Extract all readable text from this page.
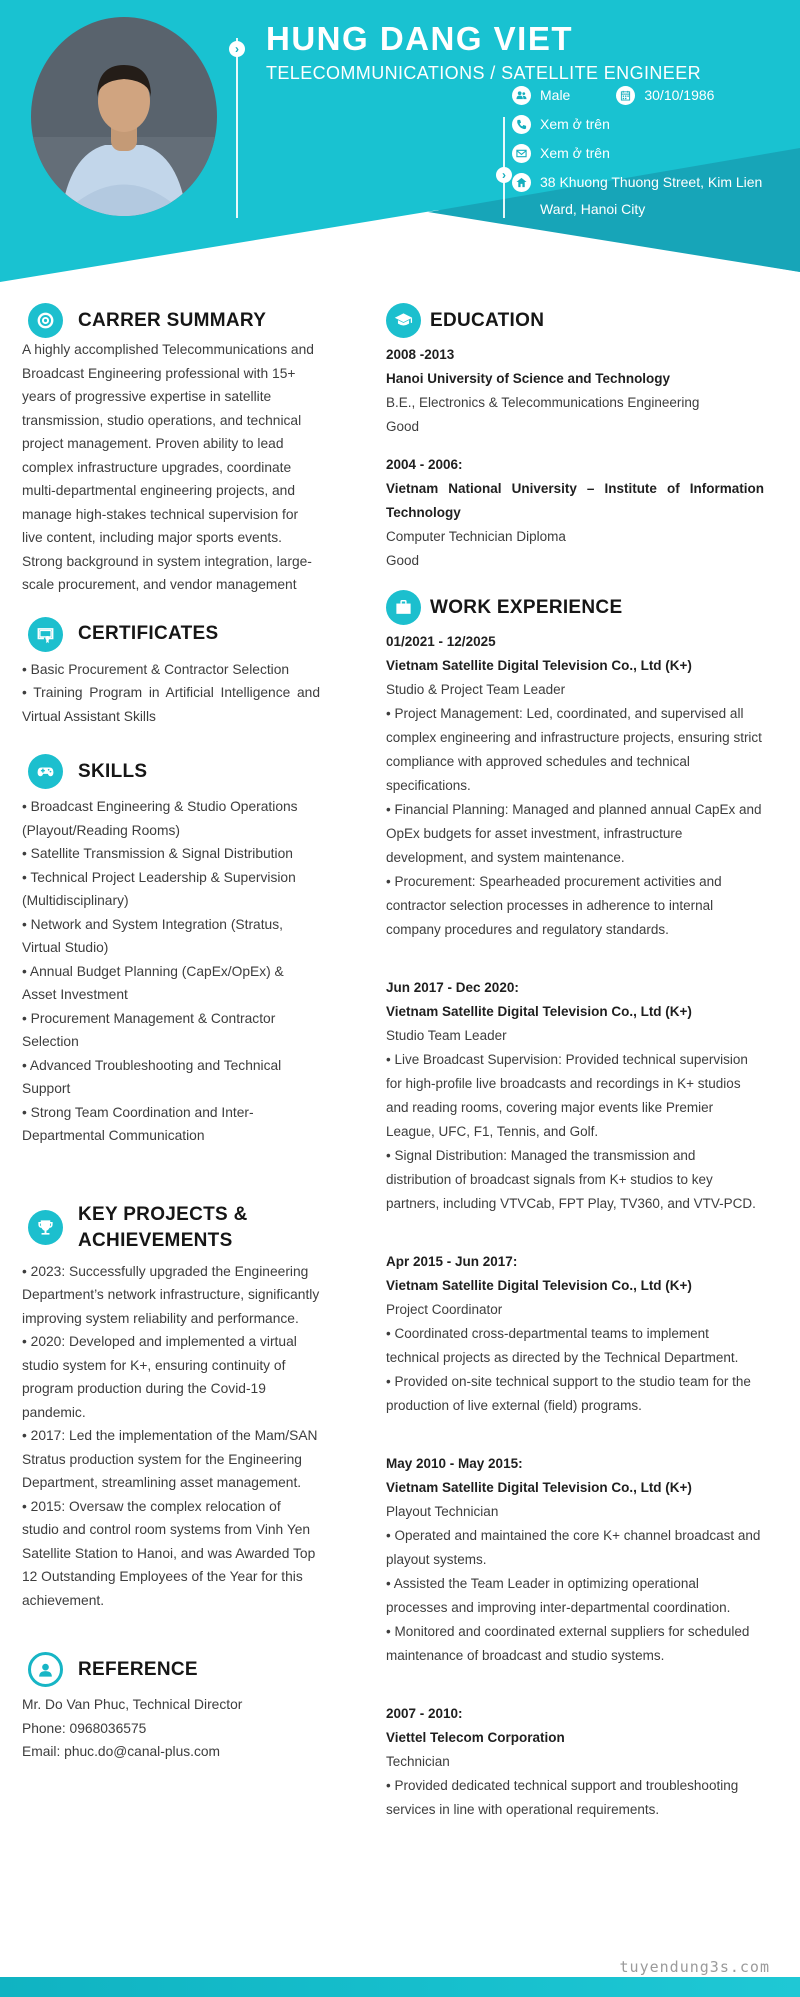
›
›
HUNG DANG VIET
TELECOMMUNICATIONS / SATELLITE ENGINEER
Male	30/10/1986
Xem ở trên
Xem ở trên
38 Khuong Thuong Street, Kim Lien Ward, Hanoi City
CARRER SUMMARY

A highly accomplished Telecommunications and Broadcast Engineering professional with 15+ years of progressive expertise in satellite transmission, studio operations, and technical project management. Proven ability to lead complex infrastructure upgrades, coordinate multi-departmental engineering projects, and manage high-stakes technical supervision for live content, including major sports events. Strong background in system integration, large-scale procurement, and vendor management

CERTIFICATES

• Basic Procurement & Contractor Selection

• Training Program in Artificial Intelligence and Virtual Assistant Skills

SKILLS

• Broadcast Engineering & Studio Operations (Playout/Reading Rooms)

• Satellite Transmission & Signal Distribution

• Technical Project Leadership & Supervision (Multidisciplinary)

• Network and System Integration (Stratus, Virtual Studio)

• Annual Budget Planning (CapEx/OpEx) & Asset Investment

• Procurement Management & Contractor Selection

• Advanced Troubleshooting and Technical Support

• Strong Team Coordination and Inter-Departmental Communication

KEY PROJECTS & ACHIEVEMENTS

• 2023: Successfully upgraded the Engineering Department’s network infrastructure, significantly improving system reliability and performance.

• 2020: Developed and implemented a virtual studio system for K+, ensuring continuity of program production during the Covid-19 pandemic.

• 2017: Led the implementation of the Mam/SAN Stratus production system for the Engineering Department, streamlining asset management.

• 2015: Oversaw the complex relocation of studio and control room systems from Vinh Yen Satellite Station to Hanoi, and was Awarded Top 12 Outstanding Employees of the Year for this achievement.

REFERENCE

Mr. Do Van Phuc, Technical Director

Phone: 0968036575

Email: phuc.do@canal-plus.com

EDUCATION

2008 -2013

Hanoi University of Science and Technology

B.E., Electronics & Telecommunications Engineering

Good

2004 - 2006:

Vietnam National University – Institute of Information Technology

Computer Technician Diploma

Good

WORK EXPERIENCE

01/2021 - 12/2025

Vietnam Satellite Digital Television Co., Ltd (K+)

Studio & Project Team Leader

• Project Management: Led, coordinated, and supervised all complex engineering and infrastructure projects, ensuring strict compliance with approved schedules and technical specifications.

• Financial Planning: Managed and planned annual CapEx and OpEx budgets for asset investment, infrastructure development, and system maintenance.

• Procurement: Spearheaded procurement activities and contractor selection processes in adherence to internal company procedures and regulatory standards.

Jun 2017 - Dec 2020:

Vietnam Satellite Digital Television Co., Ltd (K+)

Studio Team Leader

• Live Broadcast Supervision: Provided technical supervision for high-profile live broadcasts and recordings in K+ studios and reading rooms, covering major events like Premier League, UFC, F1, Tennis, and Golf.

• Signal Distribution: Managed the transmission and distribution of broadcast signals from K+ studios to key partners, including VTVCab, FPT Play, TV360, and VTV-PCD.

Apr 2015 - Jun 2017:

Vietnam Satellite Digital Television Co., Ltd (K+)

Project Coordinator

• Coordinated cross-departmental teams to implement technical projects as directed by the Technical Department.

• Provided on-site technical support to the studio team for the production of live external (field) programs.

May 2010 - May 2015:

Vietnam Satellite Digital Television Co., Ltd (K+)

Playout Technician

• Operated and maintained the core K+ channel broadcast and playout systems.

• Assisted the Team Leader in optimizing operational processes and improving inter-departmental coordination.

• Monitored and coordinated external suppliers for scheduled maintenance of broadcast and studio systems.

2007 - 2010:

Viettel Telecom Corporation

Technician

• Provided dedicated technical support and troubleshooting services in line with operational requirements.

tuyendung3s.com
